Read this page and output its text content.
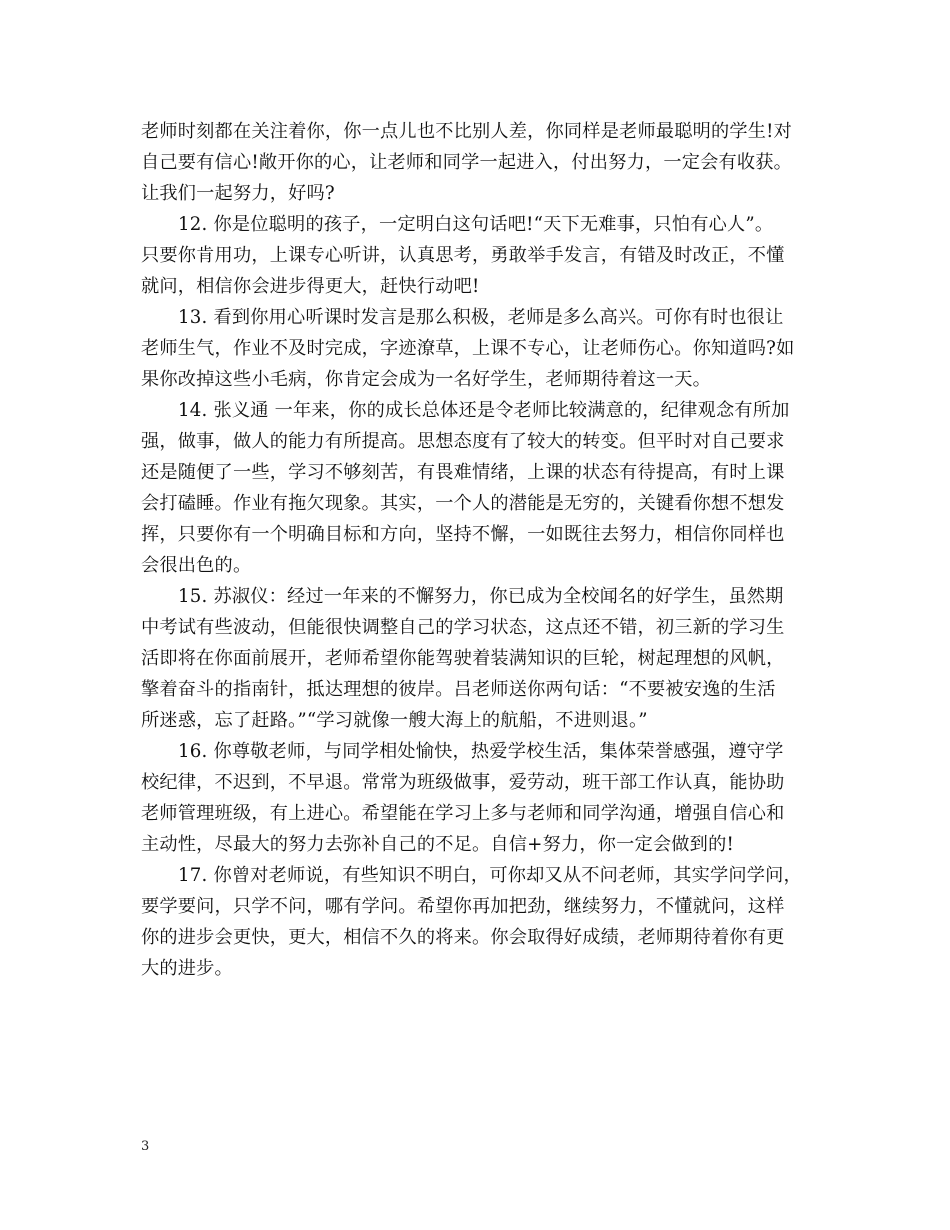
老师时刻都在关注着你，你一点儿也不比别人差，你同样是老师最聪明的学生!对

自己要有信心!敞开你的心，让老师和同学一起进入，付出努力，一定会有收获。

让我们一起努力，好吗?

12. 你是位聪明的孩子，一定明白这句话吧!“天下无难事，只怕有心人”。

只要你肯用功，上课专心听讲，认真思考，勇敢举手发言，有错及时改正，不懂

就问，相信你会进步得更大，赶快行动吧!

13. 看到你用心听课时发言是那么积极，老师是多么高兴。可你有时也很让

老师生气，作业不及时完成，字迹潦草，上课不专心，让老师伤心。你知道吗?如

果你改掉这些小毛病，你肯定会成为一名好学生，老师期待着这一天。

14. 张义通 一年来，你的成长总体还是令老师比较满意的，纪律观念有所加

强，做事，做人的能力有所提高。思想态度有了较大的转变。但平时对自己要求

还是随便了一些，学习不够刻苦，有畏难情绪，上课的状态有待提高，有时上课

会打磕睡。作业有拖欠现象。其实，一个人的潜能是无穷的，关键看你想不想发

挥，只要你有一个明确目标和方向，坚持不懈，一如既往去努力，相信你同样也

会很出色的。

15. 苏淑仪：经过一年来的不懈努力，你已成为全校闻名的好学生，虽然期

中考试有些波动，但能很快调整自己的学习状态，这点还不错，初三新的学习生

活即将在你面前展开，老师希望你能驾驶着装满知识的巨轮，树起理想的风帆，

擎着奋斗的指南针，抵达理想的彼岸。吕老师送你两句话：“不要被安逸的生活

所迷惑，忘了赶路。”“学习就像一艘大海上的航船，不进则退。”

16. 你尊敬老师，与同学相处愉快，热爱学校生活，集体荣誉感强，遵守学

校纪律，不迟到，不早退。常常为班级做事，爱劳动，班干部工作认真，能协助

老师管理班级，有上进心。希望能在学习上多与老师和同学沟通，增强自信心和

主动性，尽最大的努力去弥补自己的不足。自信+努力，你一定会做到的!

17. 你曾对老师说，有些知识不明白，可你却又从不问老师，其实学问学问，

要学要问，只学不问，哪有学问。希望你再加把劲，继续努力，不懂就问，这样

你的进步会更快，更大，相信不久的将来。你会取得好成绩，老师期待着你有更

大的进步。

3
